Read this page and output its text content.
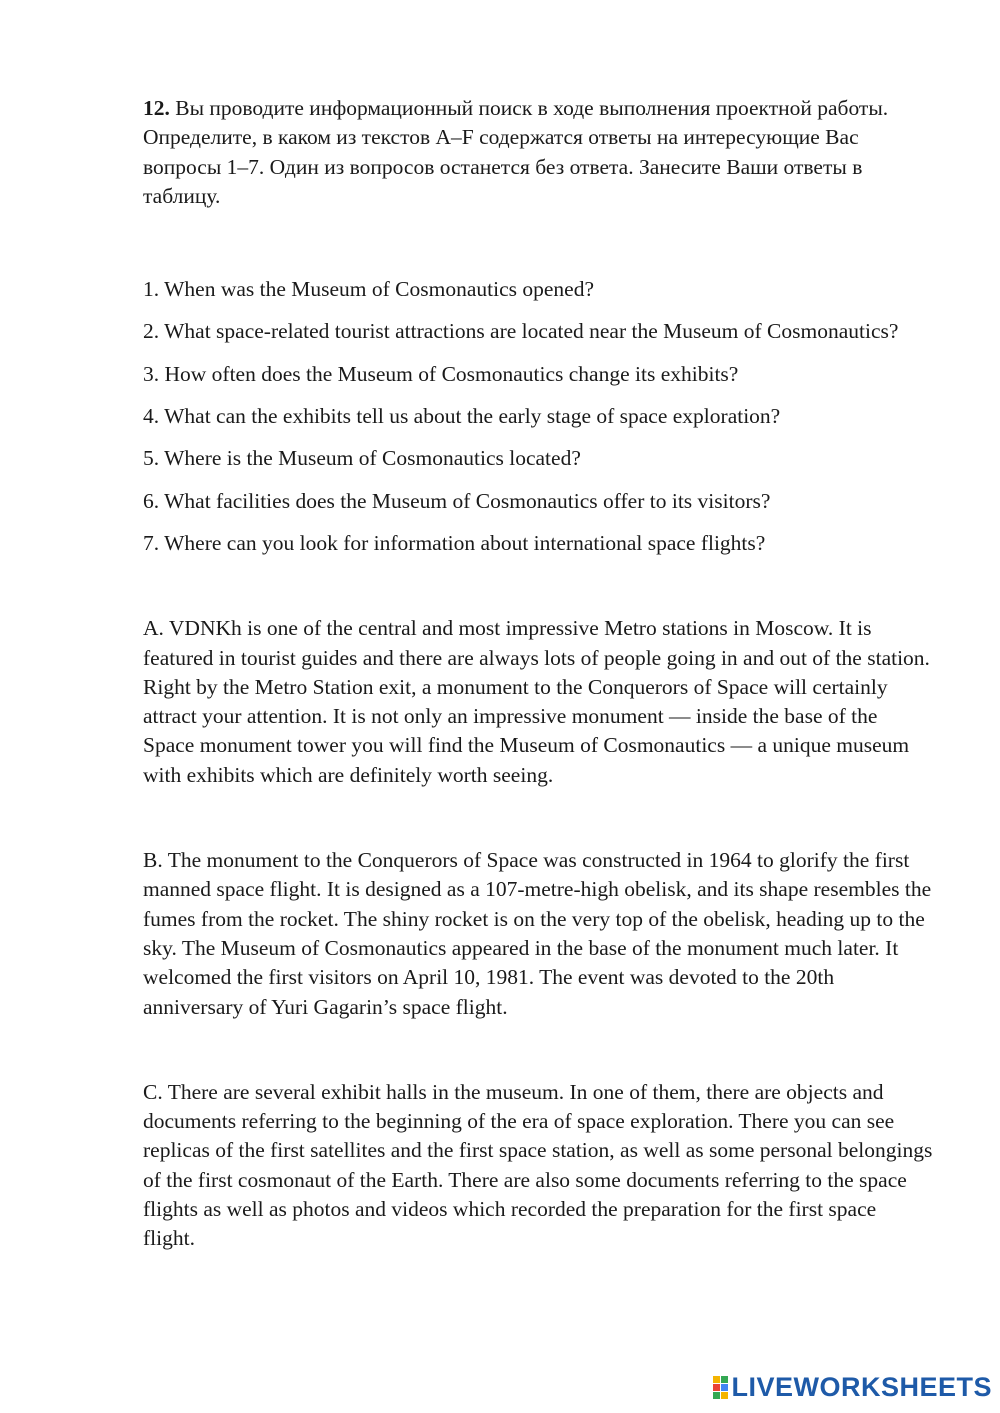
12. Вы проводите информационный поиск в ходе выполнения проектной работы. Определите, в каком из текстов A–F содержатся ответы на интересующие Вас вопросы 1–7. Один из вопросов останется без ответа. Занесите Ваши ответы в таблицу.

1. When was the Museum of Cosmonautics opened?
2. What space-related tourist attractions are located near the Museum of Cosmonautics?
3. How often does the Museum of Cosmonautics change its exhibits?
4. What can the exhibits tell us about the early stage of space exploration?
5. Where is the Museum of Cosmonautics located?
6. What facilities does the Museum of Cosmonautics offer to its visitors?
7. Where can you look for information about international space flights?

A. VDNKh is one of the central and most impressive Metro stations in Moscow. It is featured in tourist guides and there are always lots of people going in and out of the station. Right by the Metro Station exit, a monument to the Conquerors of Space will certainly attract your attention. It is not only an impressive monument — inside the base of the Space monument tower you will find the Museum of Cosmonautics — a unique museum with exhibits which are definitely worth seeing.

B. The monument to the Conquerors of Space was constructed in 1964 to glorify the first manned space flight. It is designed as a 107-metre-high obelisk, and its shape resembles the fumes from the rocket. The shiny rocket is on the very top of the obelisk, heading up to the sky. The Museum of Cosmonautics appeared in the base of the monument much later. It welcomed the first visitors on April 10, 1981. The event was devoted to the 20th anniversary of Yuri Gagarin’s space flight.

C. There are several exhibit halls in the museum. In one of them, there are objects and documents referring to the beginning of the era of space exploration. There you can see replicas of the first satellites and the first space station, as well as some personal belongings of the first cosmonaut of the Earth. There are also some documents referring to the space flights as well as photos and videos which recorded the preparation for the first space flight.

LIVEWORKSHEETS
